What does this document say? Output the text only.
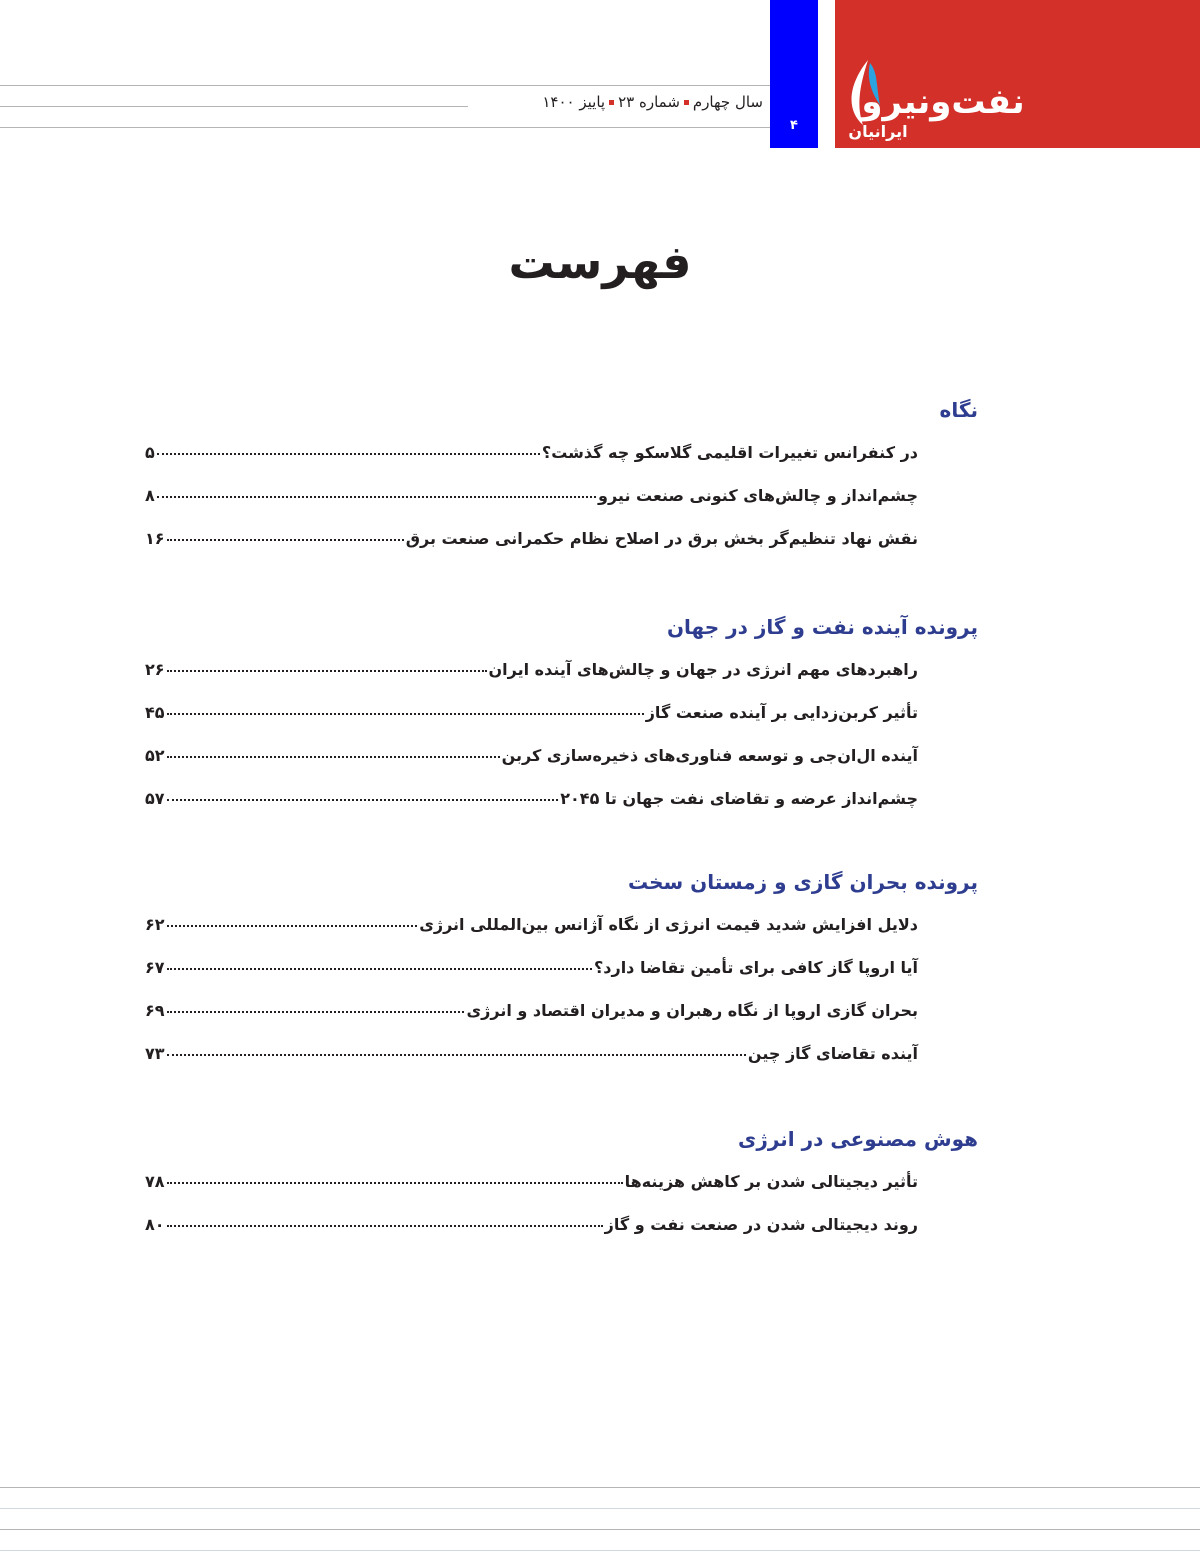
سال چهارمشماره ۲۳پاییز ۱۴۰۰
۴
نفت‌و‌نیرو
ایرانیان
فهرست
نگاه
در کنفرانس تغییرات اقلیمی گلاسکو چه گذشت؟
۵
چشم‌انداز و چالش‌های کنونی صنعت نیرو
۸
نقش نهاد تنظیم‌گر بخش برق در اصلاح نظام حکمرانی صنعت برق
۱۶
پرونده آینده نفت و گاز در جهان
راهبردهای مهم انرژی در جهان و چالش‌های آینده ایران
۲۶
تأثیر کربن‌زدایی بر آینده صنعت گاز
۴۵
آینده ال‌ان‌جی و توسعه فناوری‌های ذخیره‌سازی کربن
۵۲
چشم‌انداز عرضه و تقاضای نفت جهان تا ۲۰۴۵
۵۷
پرونده بحران گازی و زمستان سخت
دلایل افزایش شدید قیمت انرژی از نگاه آژانس بین‌المللی انرژی
۶۲
آیا اروپا گاز کافی برای تأمین تقاضا دارد؟
۶۷
بحران گازی اروپا از نگاه رهبران و مدیران اقتصاد و انرژی
۶۹
آینده تقاضای گاز چین
۷۳
هوش مصنوعی در انرژی
تأثیر دیجیتالی شدن بر کاهش هزینه‌ها
۷۸
روند دیجیتالی شدن در صنعت نفت و گاز
۸۰
